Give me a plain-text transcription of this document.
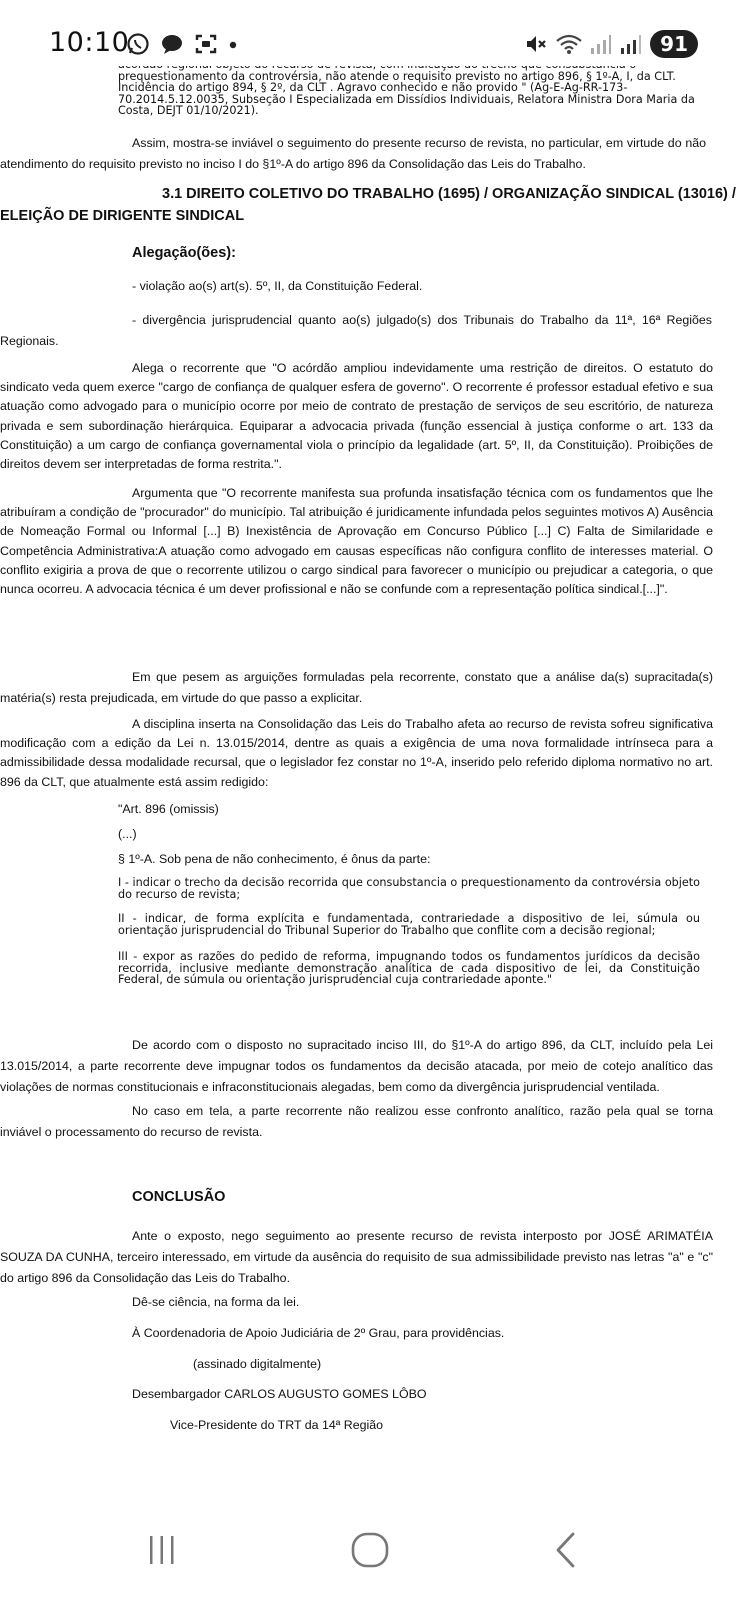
10:10	91
prequestionamento da controvérsia, não atende o requisito previsto no artigo 896, § 1º-A, I, da CLT.
Incidência do artigo 894, § 2º, da CLT . Agravo conhecido e não provido " (Ag-E-Ag-RR-173-
70.2014.5.12.0035, Subseção I Especializada em Dissídios Individuais, Relatora Ministra Dora Maria da
Costa, DEJT 01/10/2021).

Assim, mostra-se inviável o seguimento do presente recurso de revista, no particular, em virtude do não atendimento do requisito previsto no inciso I do §1º-A do artigo 896 da Consolidação das Leis do Trabalho.

3.1 DIREITO COLETIVO DO TRABALHO (1695) / ORGANIZAÇÃO SINDICAL (13016) /
ELEIÇÃO DE DIRIGENTE SINDICAL
Alegação(ões):

- violação ao(s) art(s). 5º, II, da Constituição Federal.

- divergência jurisprudencial quanto ao(s) julgado(s) dos Tribunais do Trabalho da 11ª, 16ª Regiões Regionais.

Alega o recorrente que "O acórdão ampliou indevidamente uma restrição de direitos. O estatuto do sindicato veda quem exerce "cargo de confiança de qualquer esfera de governo". O recorrente é professor estadual efetivo e sua atuação como advogado para o município ocorre por meio de contrato de prestação de serviços de seu escritório, de natureza privada e sem subordinação hierárquica. Equiparar a advocacia privada (função essencial à justiça conforme o art. 133 da Constituição) a um cargo de confiança governamental viola o princípio da legalidade (art. 5º, II, da Constituição). Proibições de direitos devem ser interpretadas de forma restrita.".

Argumenta que "O recorrente manifesta sua profunda insatisfação técnica com os fundamentos que lhe atribuíram a condição de "procurador" do município. Tal atribuição é juridicamente infundada pelos seguintes motivos A) Ausência de Nomeação Formal ou Informal [...] B) Inexistência de Aprovação em Concurso Público [...] C) Falta de Similaridade e Competência Administrativa:A atuação como advogado em causas específicas não configura conflito de interesses material. O conflito exigiria a prova de que o recorrente utilizou o cargo sindical para favorecer o município ou prejudicar a categoria, o que nunca ocorreu. A advocacia técnica é um dever profissional e não se confunde com a representação política sindical.[...]".

Em que pesem as arguições formuladas pela recorrente, constato que a análise da(s) supracitada(s) matéria(s) resta prejudicada, em virtude do que passo a explicitar.

A disciplina inserta na Consolidação das Leis do Trabalho afeta ao recurso de revista sofreu significativa modificação com a edição da Lei n. 13.015/2014, dentre as quais a exigência de uma nova formalidade intrínseca para a admissibilidade dessa modalidade recursal, que o legislador fez constar no 1º-A, inserido pelo referido diploma normativo no art. 896 da CLT, que atualmente está assim redigido:

"Art. 896 (omissis)

(...)

§ 1º-A. Sob pena de não conhecimento, é ônus da parte:

I - indicar o trecho da decisão recorrida que consubstancia o prequestionamento da controvérsia objeto do recurso de revista;

II - indicar, de forma explícita e fundamentada, contrariedade a dispositivo de lei, súmula ou orientação jurisprudencial do Tribunal Superior do Trabalho que conflite com a decisão regional;

III - expor as razões do pedido de reforma, impugnando todos os fundamentos jurídicos da decisão recorrida, inclusive mediante demonstração analítica de cada dispositivo de lei, da Constituição Federal, de súmula ou orientação jurisprudencial cuja contrariedade aponte."

De acordo com o disposto no supracitado inciso III, do §1º-A do artigo 896, da CLT, incluído pela Lei 13.015/2014, a parte recorrente deve impugnar todos os fundamentos da decisão atacada, por meio de cotejo analítico das violações de normas constitucionais e infraconstitucionais alegadas, bem como da divergência jurisprudencial ventilada.

No caso em tela, a parte recorrente não realizou esse confronto analítico, razão pela qual se torna inviável o processamento do recurso de revista.

CONCLUSÃO

Ante o exposto, nego seguimento ao presente recurso de revista interposto por JOSÉ ARIMATÉIA SOUZA DA CUNHA, terceiro interessado, em virtude da ausência do requisito de sua admissibilidade previsto nas letras "a" e "c" do artigo 896 da Consolidação das Leis do Trabalho.

Dê-se ciência, na forma da lei.

À Coordenadoria de Apoio Judiciária de 2º Grau, para providências.

(assinado digitalmente)

Desembargador CARLOS AUGUSTO GOMES LÔBO

Vice-Presidente do TRT da 14ª Região
